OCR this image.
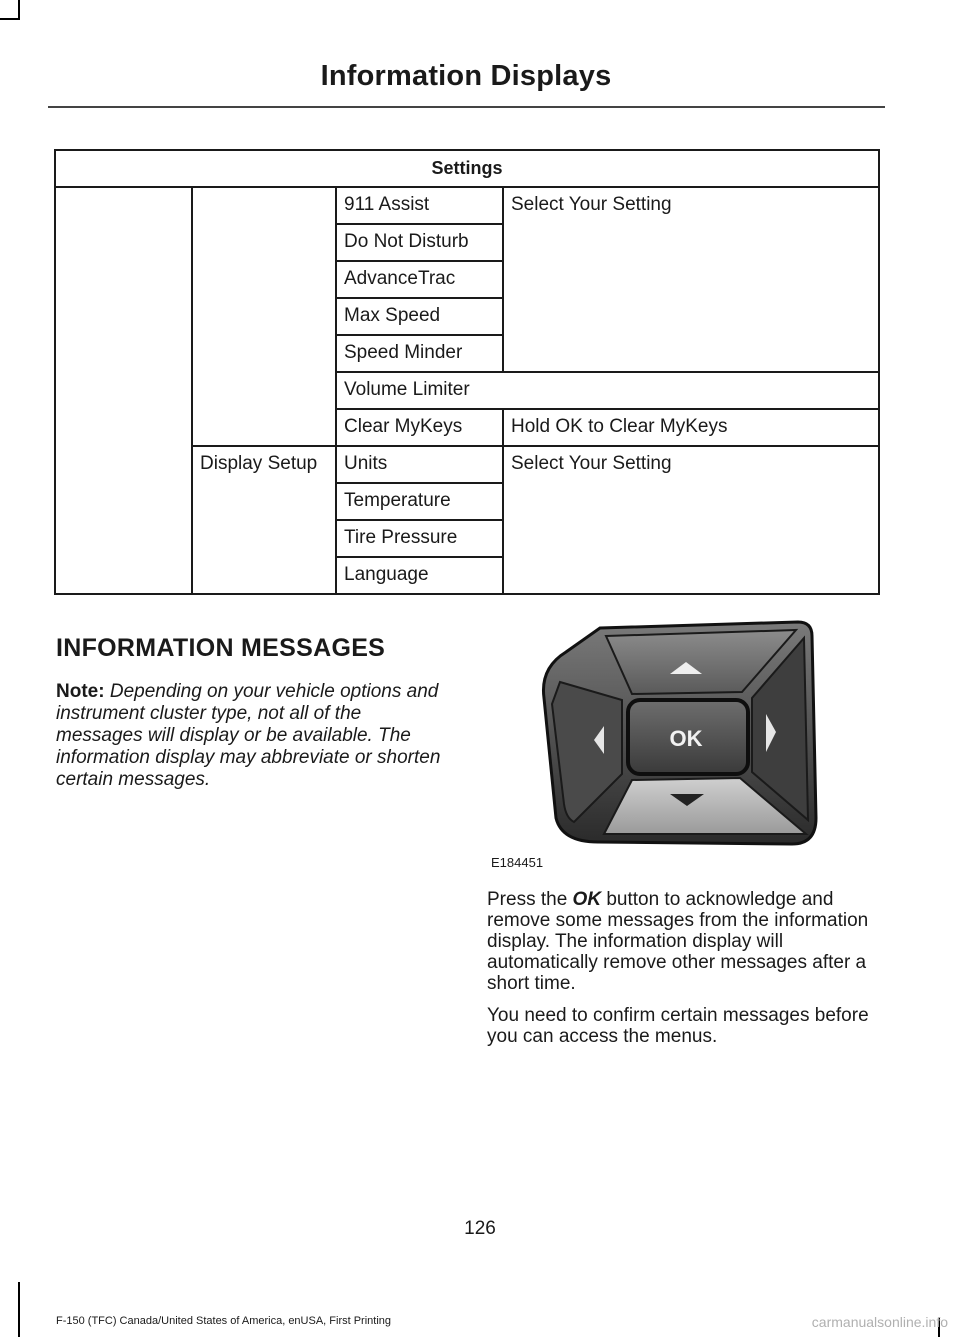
Information Displays
Settings			
		911 Assist	Select Your Setting
		Do Not Disturb	
		AdvanceTrac	
		Max Speed	
		Speed Minder	
		Volume Limiter	
		Clear MyKeys	Hold OK to Clear MyKeys
	Display Setup	Units	Select Your Setting
		Temperature	
		Tire Pressure	
		Language	
INFORMATION MESSAGES
Note: Depending on your vehicle options and instrument cluster type, not all of the messages will display or be available. The information display may abbreviate or shorten certain messages.
OK
E184451
Press the OK button to acknowledge and remove some messages from the information display. The information display will automatically remove other messages after a short time.
You need to confirm certain messages before you can access the menus.
126
F-150 (TFC) Canada/United States of America, enUSA, First Printing	carmanualsonline.info
